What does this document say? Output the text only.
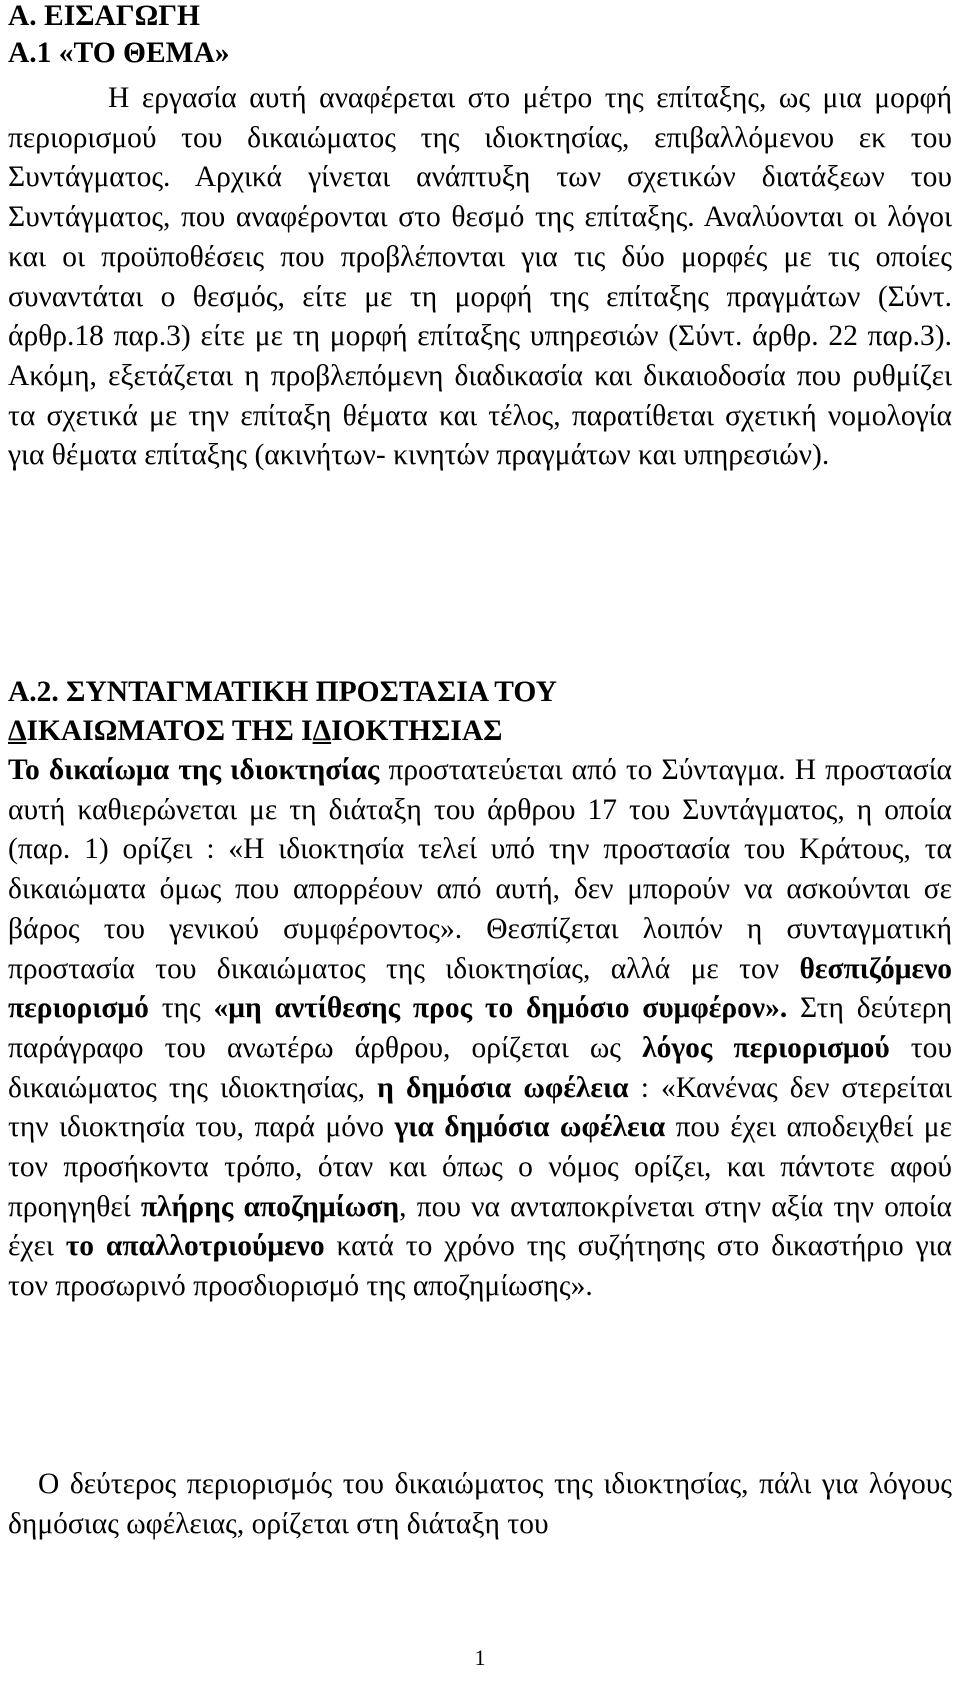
Α. ΕΙΣΑΓΩΓΗ
Α.1 «ΤΟ ΘΕΜΑ»

Η εργασία αυτή αναφέρεται στο μέτρο της επίταξης, ως μια μορφή περιορισμού του δικαιώματος της ιδιοκτησίας, επιβαλλόμενου εκ του Συντάγματος. Αρχικά γίνεται ανάπτυξη των σχετικών διατάξεων του Συντάγματος, που αναφέρονται στο θεσμό της επίταξης. Αναλύονται οι λόγοι και οι προϋποθέσεις που προβλέπονται για τις δύο μορφές με τις οποίες συναντάται ο θεσμός, είτε με τη μορφή της επίταξης πραγμάτων (Σύντ. άρθρ.18 παρ.3) είτε με τη μορφή επίταξης υπηρεσιών (Σύντ. άρθρ. 22 παρ.3). Ακόμη, εξετάζεται η προβλεπόμενη διαδικασία και δικαιοδοσία που ρυθμίζει τα σχετικά με την επίταξη θέματα και τέλος, παρατίθεται σχετική νομολογία για θέματα επίταξης (ακινήτων- κινητών πραγμάτων και υπηρεσιών).

Α.2. ΣΥΝΤΑΓΜΑΤΙΚΗ ΠΡΟΣΤΑΣΙΑ ΤΟΥ
ΔΙΚΑΙΩΜΑΤΟΣ ΤΗΣ ΙΔΙΟΚΤΗΣΙΑΣ

Το δικαίωμα της ιδιοκτησίας προστατεύεται από το Σύνταγμα. Η προστασία αυτή καθιερώνεται με τη διάταξη του άρθρου 17 του Συντάγματος, η οποία (παρ. 1) ορίζει : «Η ιδιοκτησία τελεί υπό την προστασία του Κράτους, τα δικαιώματα όμως που απορρέουν από αυτή, δεν μπορούν να ασκούνται σε βάρος του γενικού συμφέροντος». Θεσπίζεται λοιπόν η συνταγματική προστασία του δικαιώματος της ιδιοκτησίας, αλλά με τον θεσπιζόμενο περιορισμό της «μη αντίθεσης προς το δημόσιο συμφέρον». Στη δεύτερη παράγραφο του ανωτέρω άρθρου, ορίζεται ως λόγος περιορισμού του δικαιώματος της ιδιοκτησίας, η δημόσια ωφέλεια : «Κανένας δεν στερείται την ιδιοκτησία του, παρά μόνο για δημόσια ωφέλεια που έχει αποδειχθεί με τον προσήκοντα τρόπο, όταν και όπως ο νόμος ορίζει, και πάντοτε αφού προηγηθεί πλήρης αποζημίωση, που να ανταποκρίνεται στην αξία την οποία έχει το απαλλοτριούμενο κατά το χρόνο της συζήτησης στο δικαστήριο για τον προσωρινό προσδιορισμό της αποζημίωσης».

Ο δεύτερος περιορισμός του δικαιώματος της ιδιοκτησίας, πάλι για λόγους δημόσιας ωφέλειας, ορίζεται στη διάταξη του

1
